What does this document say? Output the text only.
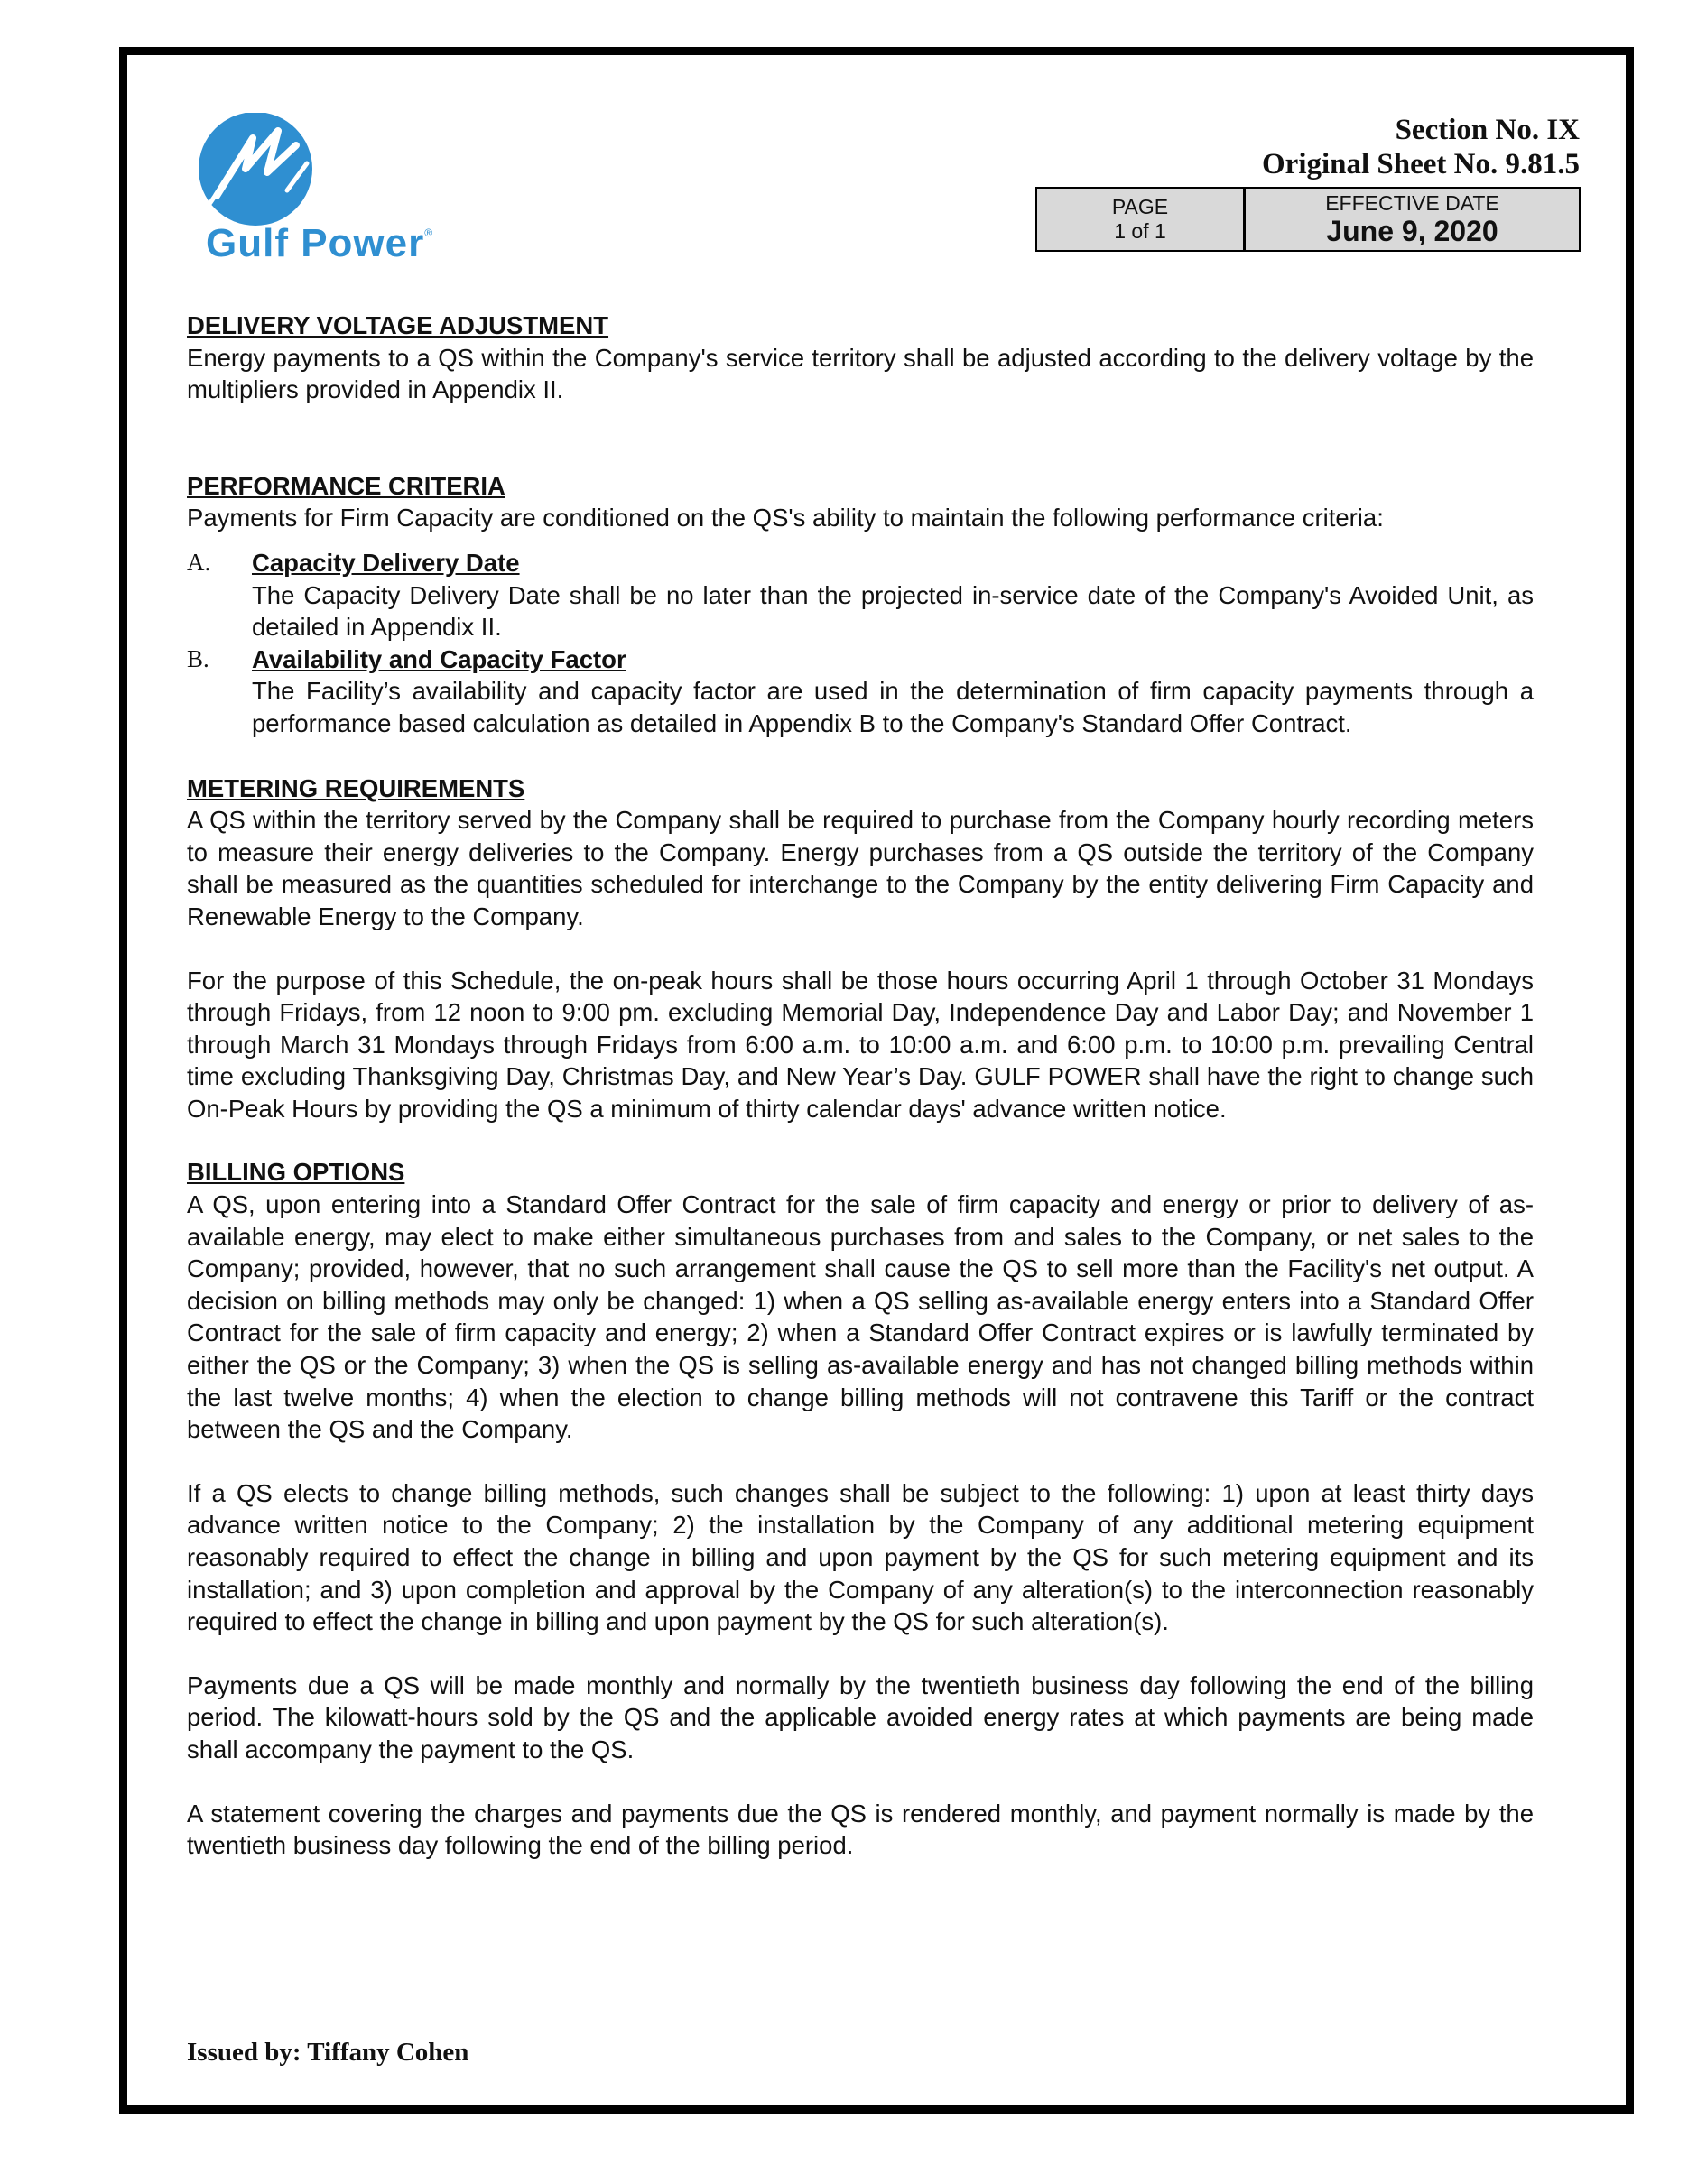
Gulf Power®
Section No. IX
Original Sheet No. 9.81.5
PAGE
1 of 1
EFFECTIVE DATE
June 9, 2020

DELIVERY VOLTAGE ADJUSTMENT

Energy payments to a QS within the Company's service territory shall be adjusted according to the delivery voltage by the multipliers provided in Appendix II.

PERFORMANCE CRITERIA

Payments for Firm Capacity are conditioned on the QS's ability to maintain the following performance criteria:

A.	Capacity Delivery Date
The Capacity Delivery Date shall be no later than the projected in-service date of the Company's Avoided Unit, as detailed in Appendix II.
B.	Availability and Capacity Factor
The Facility’s availability and capacity factor are used in the determination of firm capacity payments through a performance based calculation as detailed in Appendix B to the Company's Standard Offer Contract.

METERING REQUIREMENTS

A QS within the territory served by the Company shall be required to purchase from the Company hourly recording meters to measure their energy deliveries to the Company. Energy purchases from a QS outside the territory of the Company shall be measured as the quantities scheduled for interchange to the Company by the entity delivering Firm Capacity and Renewable Energy to the Company.

For the purpose of this Schedule, the on-peak hours shall be those hours occurring April 1 through October 31 Mondays through Fridays, from 12 noon to 9:00 pm. excluding Memorial Day, Independence Day and Labor Day; and November 1 through March 31 Mondays through Fridays from 6:00 a.m. to 10:00 a.m. and 6:00 p.m. to 10:00 p.m. prevailing Central time excluding Thanksgiving Day, Christmas Day, and New Year’s Day. GULF POWER shall have the right to change such On-Peak Hours by providing the QS a minimum of thirty calendar days' advance written notice.

BILLING OPTIONS

A QS, upon entering into a Standard Offer Contract for the sale of firm capacity and energy or prior to delivery of as-available energy, may elect to make either simultaneous purchases from and sales to the Company, or net sales to the Company; provided, however, that no such arrangement shall cause the QS to sell more than the Facility's net output. A decision on billing methods may only be changed: 1) when a QS selling as-available energy enters into a Standard Offer Contract for the sale of firm capacity and energy; 2) when a Standard Offer Contract expires or is lawfully terminated by either the QS or the Company; 3) when the QS is selling as-available energy and has not changed billing methods within the last twelve months; 4) when the election to change billing methods will not contravene this Tariff or the contract between the QS and the Company.

If a QS elects to change billing methods, such changes shall be subject to the following: 1) upon at least thirty days advance written notice to the Company; 2) the installation by the Company of any additional metering equipment reasonably required to effect the change in billing and upon payment by the QS for such metering equipment and its installation; and 3) upon completion and approval by the Company of any alteration(s) to the interconnection reasonably required to effect the change in billing and upon payment by the QS for such alteration(s).

Payments due a QS will be made monthly and normally by the twentieth business day following the end of the billing period. The kilowatt-hours sold by the QS and the applicable avoided energy rates at which payments are being made shall accompany the payment to the QS.

A statement covering the charges and payments due the QS is rendered monthly, and payment normally is made by the twentieth business day following the end of the billing period.

Issued by: Tiffany Cohen
